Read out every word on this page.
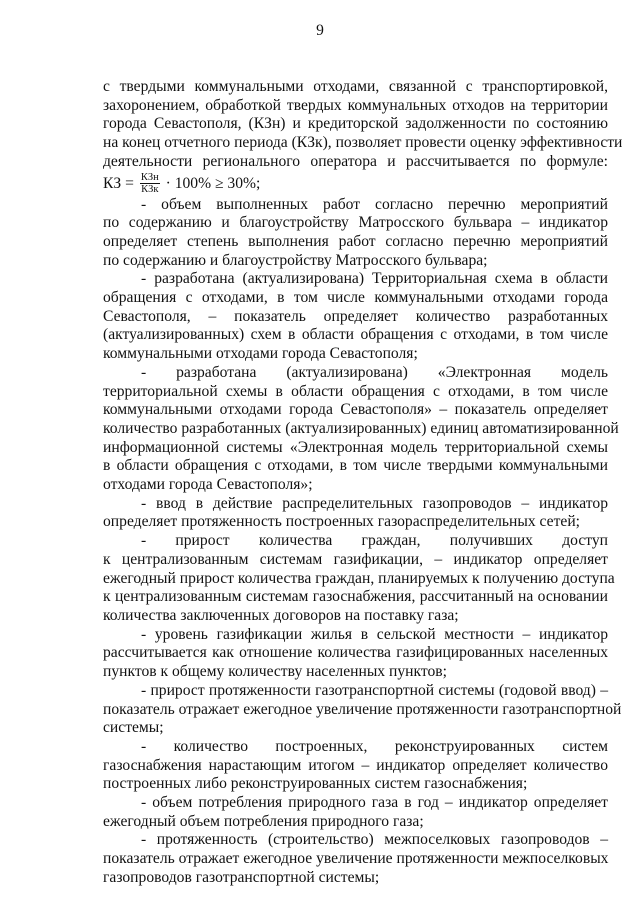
9
с твердыми коммунальными отходами, связанной с транспортировкой,
захоронением, обработкой твердых коммунальных отходов на территории
города Севастополя, (КЗн) и кредиторской задолженности по состоянию
на конец отчетного периода (КЗк), позволяет провести оценку эффективности
деятельности регионального оператора и рассчитывается по формуле:
КЗ = $\frac{\text{КЗн}}{\text{КЗк}} \cdot 100\% \ge 30\%$;
- объем выполненных работ согласно перечню мероприятий
по содержанию и благоустройству Матросского бульвара – индикатор
определяет степень выполнения работ согласно перечню мероприятий
по содержанию и благоустройству Матросского бульвара;
- разработана (актуализирована) Территориальная схема в области
обращения с отходами, в том числе коммунальными отходами города
Севастополя, – показатель определяет количество разработанных
(актуализированных) схем в области обращения с отходами, в том числе
коммунальными отходами города Севастополя;
- разработана (актуализирована) «Электронная модель
территориальной схемы в области обращения с отходами, в том числе
коммунальными отходами города Севастополя» – показатель определяет
количество разработанных (актуализированных) единиц автоматизированной
информационной системы «Электронная модель территориальной схемы
в области обращения с отходами, в том числе твердыми коммунальными
отходами города Севастополя»;
- ввод в действие распределительных газопроводов – индикатор
определяет протяженность построенных газораспределительных сетей;
- прирост количества граждан, получивших доступ
к централизованным системам газификации, – индикатор определяет
ежегодный прирост количества граждан, планируемых к получению доступа
к централизованным системам газоснабжения, рассчитанный на основании
количества заключенных договоров на поставку газа;
- уровень газификации жилья в сельской местности – индикатор
рассчитывается как отношение количества газифицированных населенных
пунктов к общему количеству населенных пунктов;
- прирост протяженности газотранспортной системы (годовой ввод) –
показатель отражает ежегодное увеличение протяженности газотранспортной
системы;
- количество построенных, реконструированных систем
газоснабжения нарастающим итогом – индикатор определяет количество
построенных либо реконструированных систем газоснабжения;
- объем потребления природного газа в год – индикатор определяет
ежегодный объем потребления природного газа;
- протяженность (строительство) межпоселковых газопроводов –
показатель отражает ежегодное увеличение протяженности межпоселковых
газопроводов газотранспортной системы;
